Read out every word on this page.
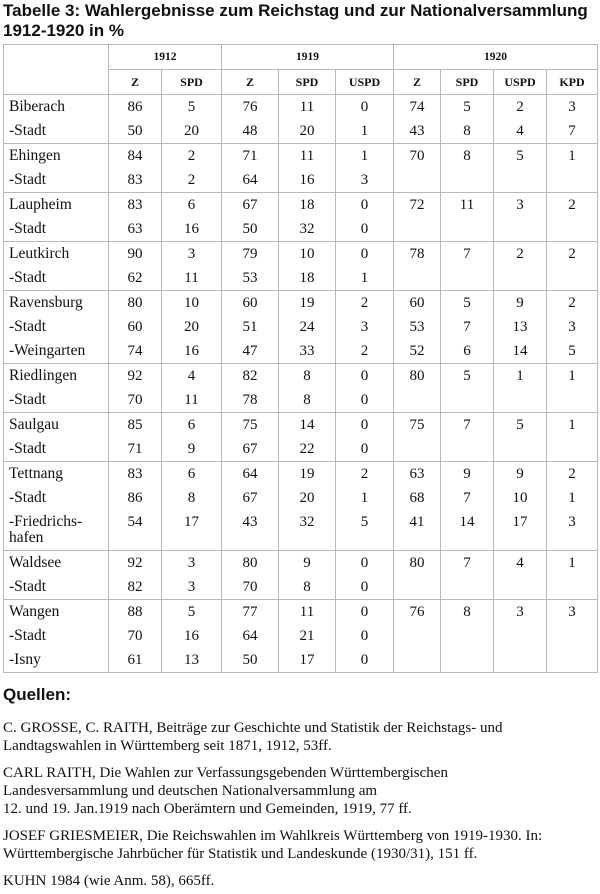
Tabelle 3: Wahlergebnisse zum Reichstag und zur Nationalversammlung
1912-1920 in %
	1912		1919			1920			
	Z	SPD	Z	SPD	USPD	Z	SPD	USPD	KPD
Biberach	86	5	76	11	0	74	5	2	3
-Stadt	50	20	48	20	1	43	8	4	7
Ehingen	84	2	71	11	1	70	8	5	1
-Stadt	83	2	64	16	3				
Laupheim	83	6	67	18	0	72	11	3	2
-Stadt	63	16	50	32	0				
Leutkirch	90	3	79	10	0	78	7	2	2
-Stadt	62	11	53	18	1				
Ravensburg	80	10	60	19	2	60	5	9	2
-Stadt	60	20	51	24	3	53	7	13	3
-Weingarten	74	16	47	33	2	52	6	14	5
Riedlingen	92	4	82	8	0	80	5	1	1
-Stadt	70	11	78	8	0				
Saulgau	85	6	75	14	0	75	7	5	1
-Stadt	71	9	67	22	0				
Tettnang	83	6	64	19	2	63	9	9	2
-Stadt	86	8	67	20	1	68	7	10	1
-Friedrichs-
hafen	54	17	43	32	5	41	14	17	3
Waldsee	92	3	80	9	0	80	7	4	1
-Stadt	82	3	70	8	0				
Wangen	88	5	77	11	0	76	8	3	3
-Stadt	70	16	64	21	0				
-Isny	61	13	50	17	0				

Quellen:

C. GROSSE, C. RAITH, Beiträge zur Geschichte und Statistik der Reichstags- und
Landtagswahlen in Württemberg seit 1871, 1912, 53ff.

CARL RAITH, Die Wahlen zur Verfassungsgebenden Württembergischen
Landesversammlung und deutschen Nationalversammlung am
12. und 19. Jan.1919 nach Oberämtern und Gemeinden, 1919, 77 ff.

JOSEF GRIESMEIER, Die Reichswahlen im Wahlkreis Württemberg von 1919-1930. In:
Württembergische Jahrbücher für Statistik und Landeskunde (1930/31), 151 ff.

KUHN 1984 (wie Anm. 58), 665ff.
